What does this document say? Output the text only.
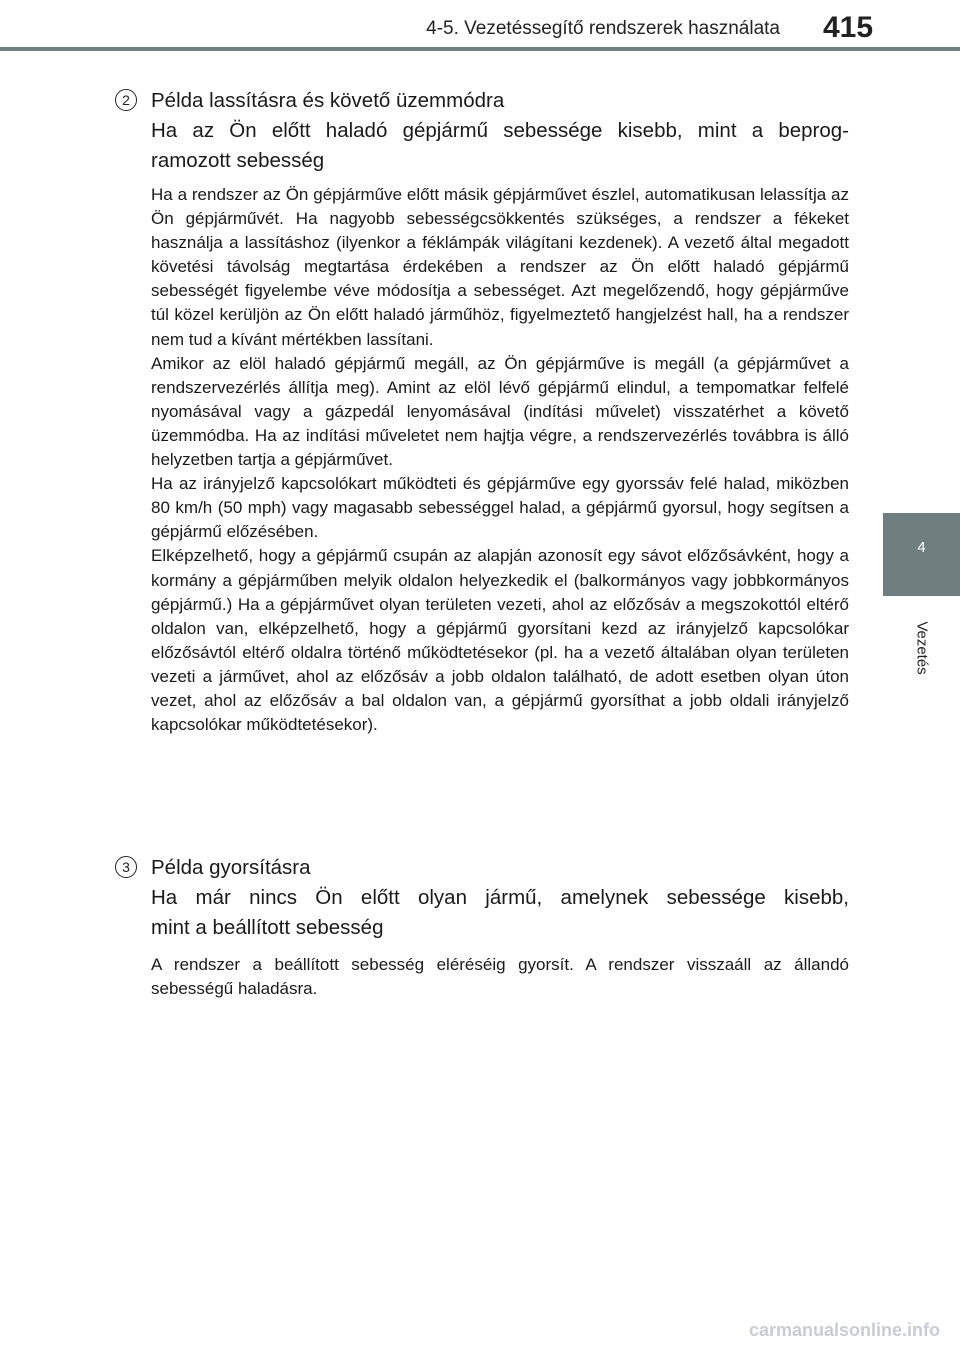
4-5. Vezetéssegítő rendszerek használata	415
4
Vezetés
2	Példa lassításra és követő üzemmódra
Ha az Ön előtt haladó gépjármű sebessége kisebb, mint a beprog-
ramozott sebesség

Ha a rendszer az Ön gépjárműve előtt másik gépjárművet észlel, automatikusan lelassítja az Ön gépjárművét. Ha nagyobb sebességcsökkentés szükséges, a rendszer a fékeket használja a lassításhoz (ilyenkor a féklámpák világítani kezdenek). A vezető által megadott követési távolság megtartása érdekében a rendszer az Ön előtt haladó gépjármű sebességét figyelembe véve módosítja a sebességet. Azt megelőzendő, hogy gépjárműve túl közel kerüljön az Ön előtt haladó járműhöz, figyelmeztető hangjelzést hall, ha a rendszer nem tud a kívánt mértékben lassítani.

Amikor az elöl haladó gépjármű megáll, az Ön gépjárműve is megáll (a gépjárművet a rendszervezérlés állítja meg). Amint az elöl lévő gépjármű elindul, a tempomatkar felfelé nyomásával vagy a gázpedál lenyomásával (indítási művelet) visszatérhet a követő üzemmódba. Ha az indítási műveletet nem hajtja végre, a rendszervezérlés továbbra is álló helyzetben tartja a gépjárművet.

Ha az irányjelző kapcsolókart működteti és gépjárműve egy gyorssáv felé halad, miközben 80 km/h (50 mph) vagy magasabb sebességgel halad, a gépjármű gyorsul, hogy segítsen a gépjármű előzésében.

Elképzelhető, hogy a gépjármű csupán az alapján azonosít egy sávot előzősávként, hogy a kormány a gépjárműben melyik oldalon helyezkedik el (balkormányos vagy jobbkormányos gépjármű.) Ha a gépjárművet olyan területen vezeti, ahol az előzősáv a megszokottól eltérő oldalon van, elképzelhető, hogy a gépjármű gyorsítani kezd az irányjelző kapcsolókar előzősávtól eltérő oldalra történő működtetésekor (pl. ha a vezető általában olyan területen vezeti a járművet, ahol az előzősáv a jobb oldalon található, de adott esetben olyan úton vezet, ahol az előzősáv a bal oldalon van, a gépjármű gyorsíthat a jobb oldali irányjelző kapcsolókar működtetésekor).

3	Példa gyorsításra
Ha már nincs Ön előtt olyan jármű, amelynek sebessége kisebb,
mint a beállított sebesség

A rendszer a beállított sebesség eléréséig gyorsít. A rendszer visszaáll az állandó sebességű haladásra.

carmanualsonline.info
